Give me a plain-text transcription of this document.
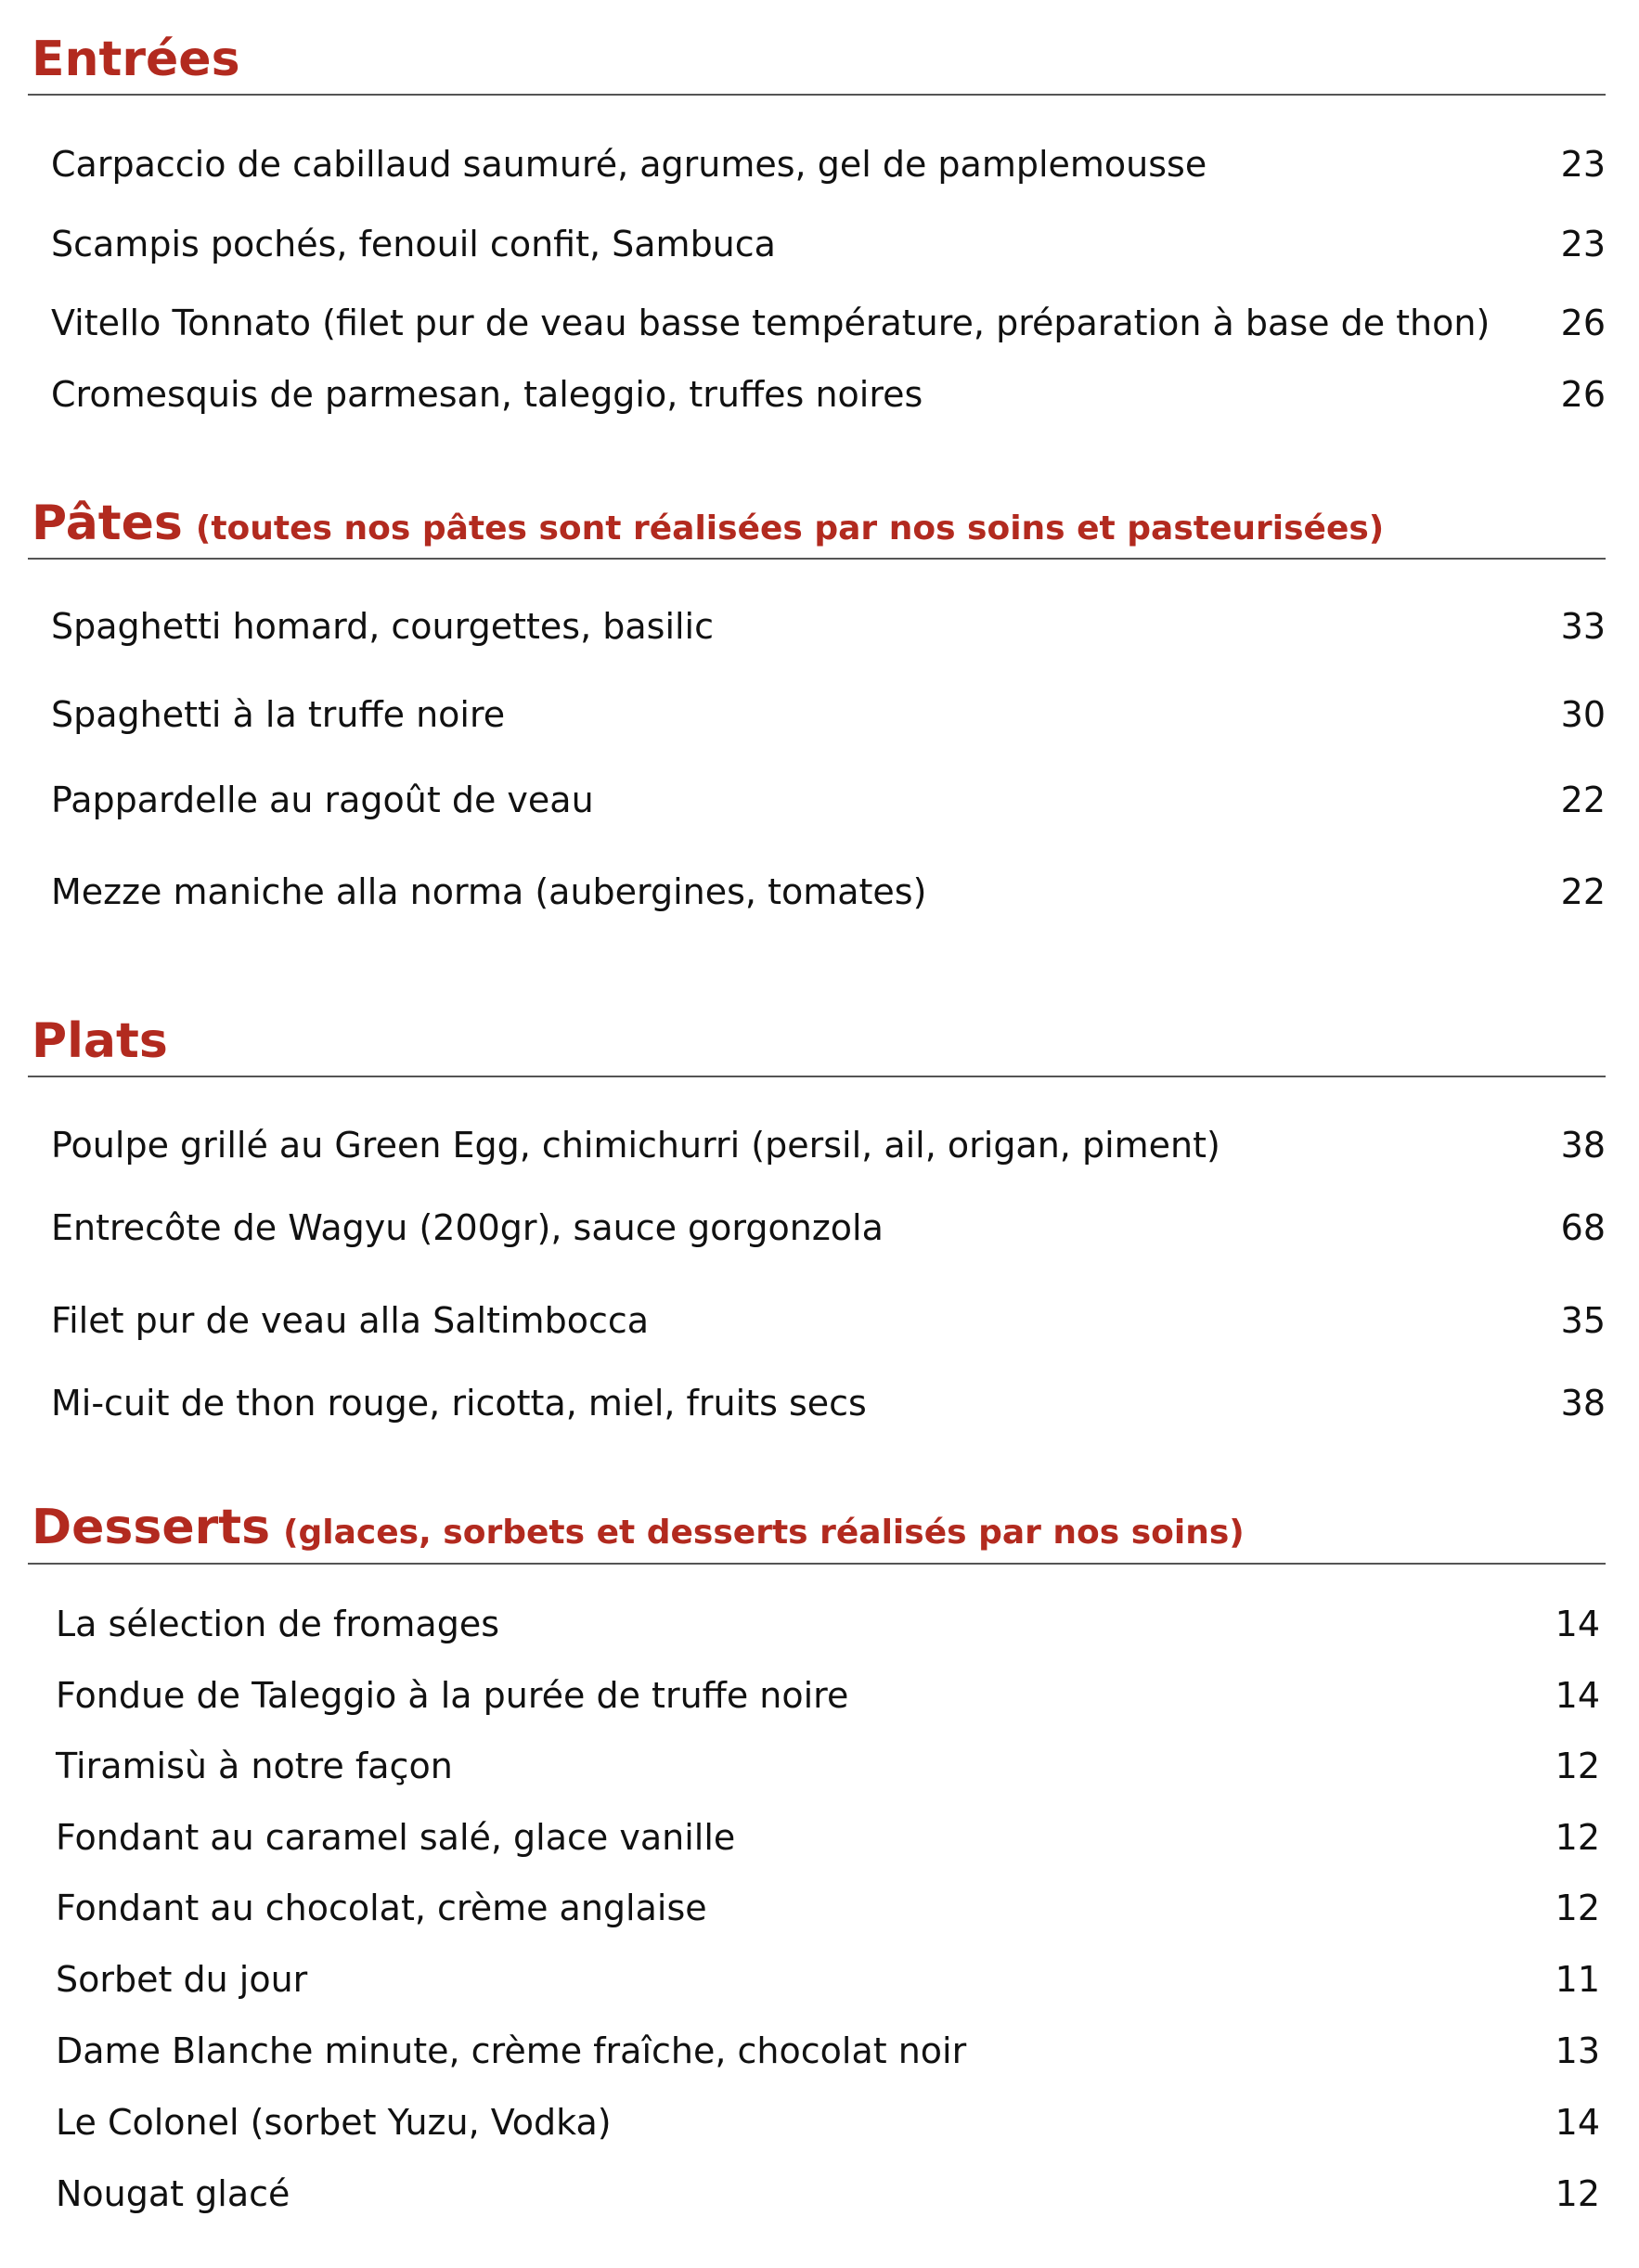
Entrées
Carpaccio de cabillaud saumuré, agrumes, gel de pamplemousse	23
Scampis pochés, fenouil confit, Sambuca	23
Vitello Tonnato (filet pur de veau basse température, préparation à base de thon) 26
Cromesquis de parmesan, taleggio, truffes noires	26
Pâtes (toutes nos pâtes sont réalisées par nos soins et pasteurisées)
Spaghetti homard, courgettes, basilic	33
Spaghetti à la truffe noire	30
Pappardelle au ragoût de veau	22
Mezze maniche alla norma (aubergines, tomates)	22
Plats
Poulpe grillé au Green Egg, chimichurri (persil, ail, origan, piment)	38
Entrecôte de Wagyu (200gr), sauce gorgonzola	68
Filet pur de veau alla Saltimbocca	35
Mi-cuit de thon rouge, ricotta, miel, fruits secs	38
Desserts (glaces, sorbets et desserts réalisés par nos soins)
La sélection de fromages	14
Fondue de Taleggio à la purée de truffe noire	14
Tiramisù à notre façon	12
Fondant au caramel salé, glace vanille	12
Fondant au chocolat, crème anglaise	12
Sorbet du jour	11
Dame Blanche minute, crème fraîche, chocolat noir	13
Le Colonel (sorbet Yuzu, Vodka)	14
Nougat glacé	12
